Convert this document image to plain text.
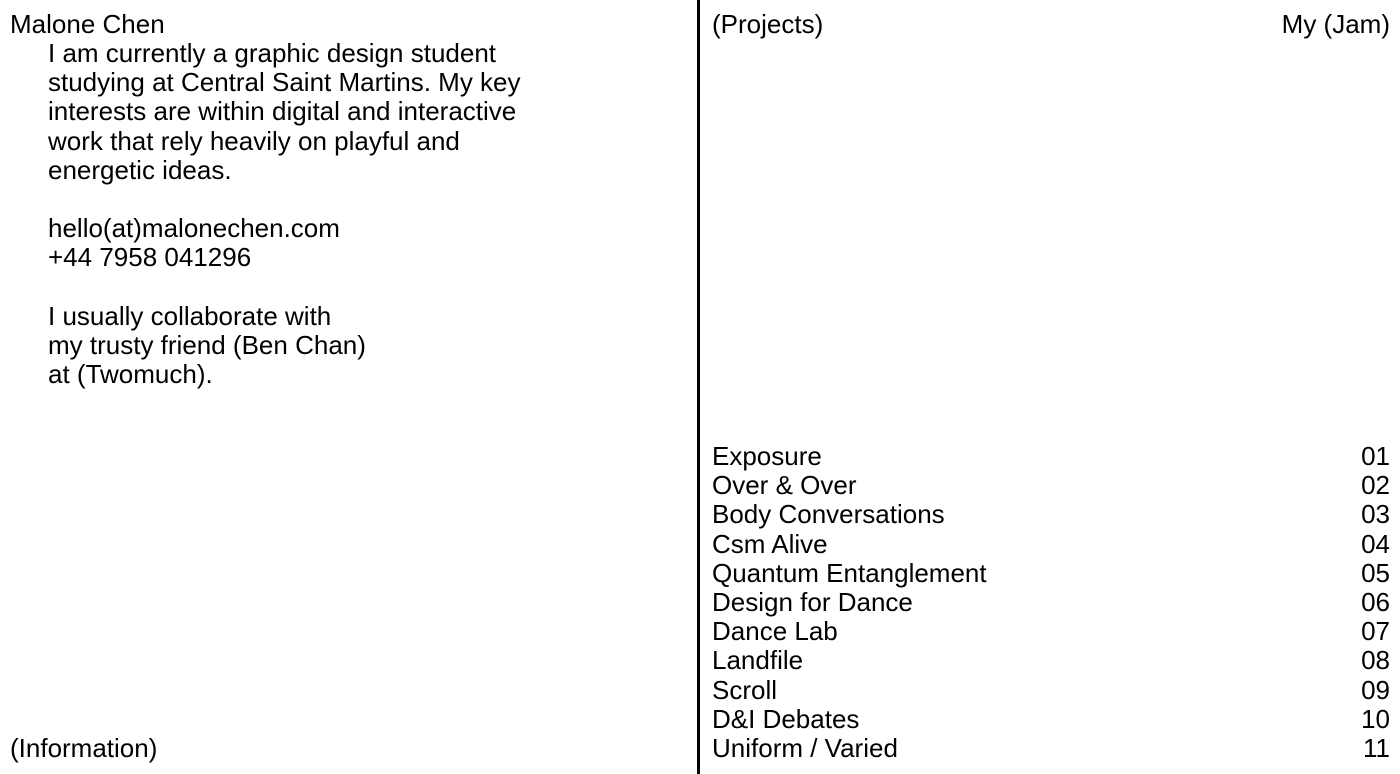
Malone Chen

I am currently a graphic design student

studying at Central Saint Martins. My key

interests are within digital and interactive

work that rely heavily on playful and

energetic ideas.

hello(at)malonechen.com

+44 7958 041296

I usually collaborate with

my trusty friend (Ben Chan)

at (Twomuch).

(Information)
(Projects)	My (Jam)
Exposure	01
Over & Over	02
Body Conversations	03
Csm Alive	04
Quantum Entanglement	05
Design for Dance	06
Dance Lab	07
Landfile	08
Scroll	09
D&I Debates	10
Uniform / Varied	11
